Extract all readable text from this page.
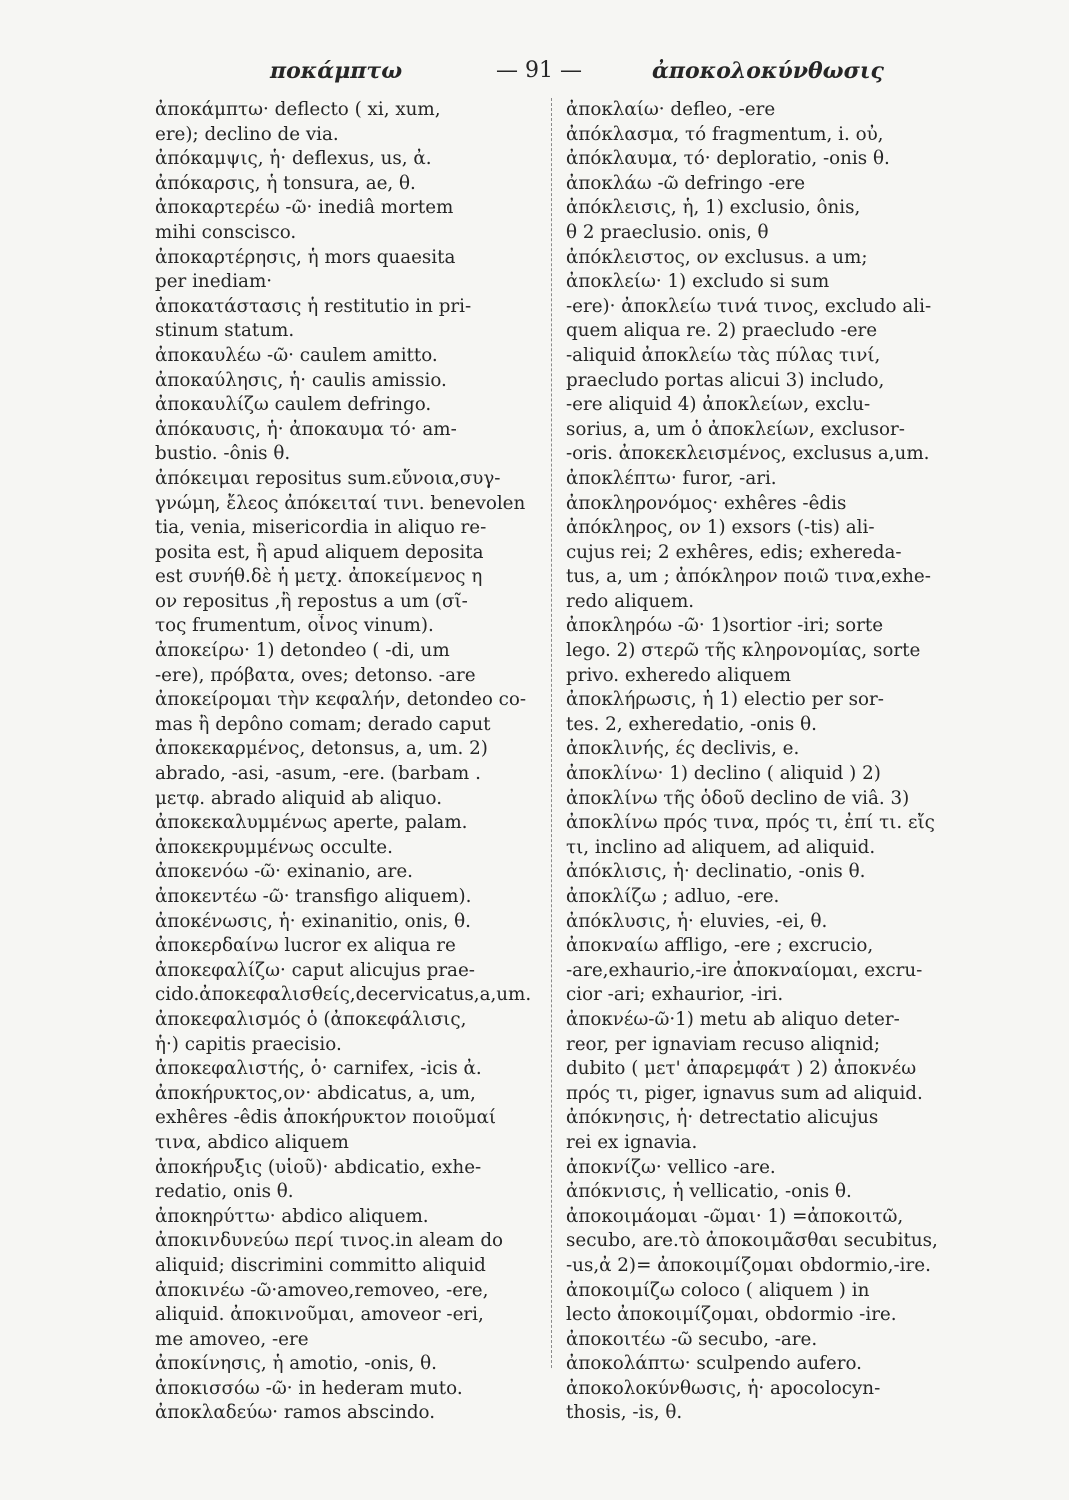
ποκάμπτω	— 91 —	ἀποκολοκύνθωσις
ἀποκάμπτω· deflecto ( xi, xum,
ere); declino de via.
ἀπόκαμψις, ἡ· deflexus, us, ἀ.
ἀπόκαρσις, ἡ tonsura, ae, θ.
ἀποκαρτερέω -ῶ· inediâ mortem
mihi conscisco.
ἀποκαρτέρησις, ἡ mors quaesita
per inediam·
ἀποκατάστασις ἡ restitutio in pri-
stinum statum.
ἀποκαυλέω -ῶ· caulem amitto.
ἀποκαύλησις, ἡ· caulis amissio.
ἀποκαυλίζω caulem defringo.
ἀπόκαυσις, ἡ· ἀποκαυμα τό· am-
bustio. -ônis θ.
ἀπόκειμαι repositus sum.εὔνοια,συγ-
γνώμη, ἔλεος ἀπόκειταί τινι. benevolen
tia, venia, misericordia in aliquo re-
posita est, ἢ apud aliquem deposita
est συνήθ.δὲ ἡ μετχ. ἀποκείμενος η
ον repositus ,ἢ repostus a um (σῖ-
τος frumentum, οἶνος vinum).
ἀποκείρω· 1) detondeo ( -di, um
-ere), πρόβατα, oves; detonso. -are
ἀποκείρομαι τὴν κεφαλήν, detondeo co-
mas ἢ depôno comam; derado caput
ἀποκεκαρμένος, detonsus, a, um. 2)
abrado, -asi, -asum, -ere. (barbam .
μετφ. abrado aliquid ab aliquo.
ἀποκεκαλυμμένως aperte, palam.
ἀποκεκρυμμένως occulte.
ἀποκενόω -ῶ· exinanio, are.
ἀποκεντέω -ῶ· transfigo aliquem).
ἀποκένωσις, ἡ· exinanitio, onis, θ.
ἀποκερδαίνω lucror ex aliqua re
ἀποκεφαλίζω· caput alicujus prae-
cido.ἀποκεφαλισθείς,decervicatus,a,um.
ἀποκεφαλισμός ὁ (ἀποκεφάλισις,
ἡ·) capitis praecisio.
ἀποκεφαλιστής, ὁ· carnifex, -icis ἀ.
ἀποκήρυκτος,ον· abdicatus, a, um,
exhêres -êdis ἀποκήρυκτον ποιοῦμαί
τινα, abdico aliquem
ἀποκήρυξις (υἱοῦ)· abdicatio, exhe-
redatio, onis θ.
ἀποκηρύττω· abdico aliquem.
ἀποκινδυνεύω περί τινος.in aleam do
aliquid; discrimini committo aliquid
ἀποκινέω -ῶ·amoveo,removeo, -ere,
aliquid. ἀποκινοῦμαι, amoveor -eri,
me amoveo, -ere
ἀποκίνησις, ἡ amotio, -onis, θ.
ἀποκισσόω -ῶ· in hederam muto.
ἀποκλαδεύω· ramos abscindo.
ἀποκλαίω· defleo, -ere
ἀπόκλασμα, τό fragmentum, i. οὐ,
ἀπόκλαυμα, τό· deploratio, -onis θ.
ἀποκλάω -ῶ defringo -ere
ἀπόκλεισις, ἡ, 1) exclusio, ônis,
θ 2 praeclusio. onis, θ
ἀπόκλειστος, ον exclusus. a um;
ἀποκλείω· 1) excludo si sum
-ere)· ἀποκλείω τινά τινος, excludo ali-
quem aliqua re. 2) praecludo -ere
-aliquid ἀποκλείω τὰς πύλας τινί,
praecludo portas alicui 3) includo,
-ere aliquid 4) ἀποκλείων, exclu-
sorius, a, um ὁ ἀποκλείων, exclusor-
-oris. ἀποκεκλεισμένος, exclusus a,um.
ἀποκλέπτω· furor, -ari.
ἀποκληρονόμος· exhêres -êdis
ἀπόκληρος, ον 1) exsors (-tis) ali-
cujus rei; 2 exhêres, edis; exhereda-
tus, a, um ; ἀπόκληρον ποιῶ τινα,exhe-
redo aliquem.
ἀποκληρόω -ῶ· 1)sortior -iri; sorte
lego. 2) στερῶ τῆς κληρονομίας, sorte
privo. exheredo aliquem
ἀποκλήρωσις, ἡ 1) electio per sor-
tes. 2, exheredatio, -onis θ.
ἀποκλινής, ές declivis, e.
ἀποκλίνω· 1) declino ( aliquid ) 2)
ἀποκλίνω τῆς ὁδοῦ declino de viâ. 3)
ἀποκλίνω πρός τινα, πρός τι, ἐπί τι. εἴς
τι, inclino ad aliquem, ad aliquid.
ἀπόκλισις, ἡ· declinatio, -onis θ.
ἀποκλίζω ; adluo, -ere.
ἀπόκλυσις, ἡ· eluvies, -ei, θ.
ἀποκναίω affligo, -ere ; excrucio,
-are,exhaurio,-ire ἀποκναίομαι, excru-
cior -ari; exhaurior, -iri.
ἀποκνέω-ῶ·1) metu ab aliquo deter-
reor, per ignaviam recuso aliqnid;
dubito ( μετ' ἀπαρεμφάτ ) 2) ἀποκνέω
πρός τι, piger, ignavus sum ad aliquid.
ἀπόκνησις, ἡ· detrectatio alicujus
rei ex ignavia.
ἀποκνίζω· vellico -are.
ἀπόκνισις, ἡ vellicatio, -onis θ.
ἀποκοιμάομαι -ῶμαι· 1) =ἀποκοιτῶ,
secubo, are.τὸ ἀποκοιμᾶσθαι secubitus,
-us,ἀ 2)= ἀποκοιμίζομαι obdormio,-ire.
ἀποκοιμίζω coloco ( aliquem ) in
lecto ἀποκοιμίζομαι, obdormio -ire.
ἀποκοιτέω -ῶ secubo, -are.
ἀποκολάπτω· sculpendo aufero.
ἀποκολοκύνθωσις, ἡ· apocolocyn-
thosis, -is, θ.
